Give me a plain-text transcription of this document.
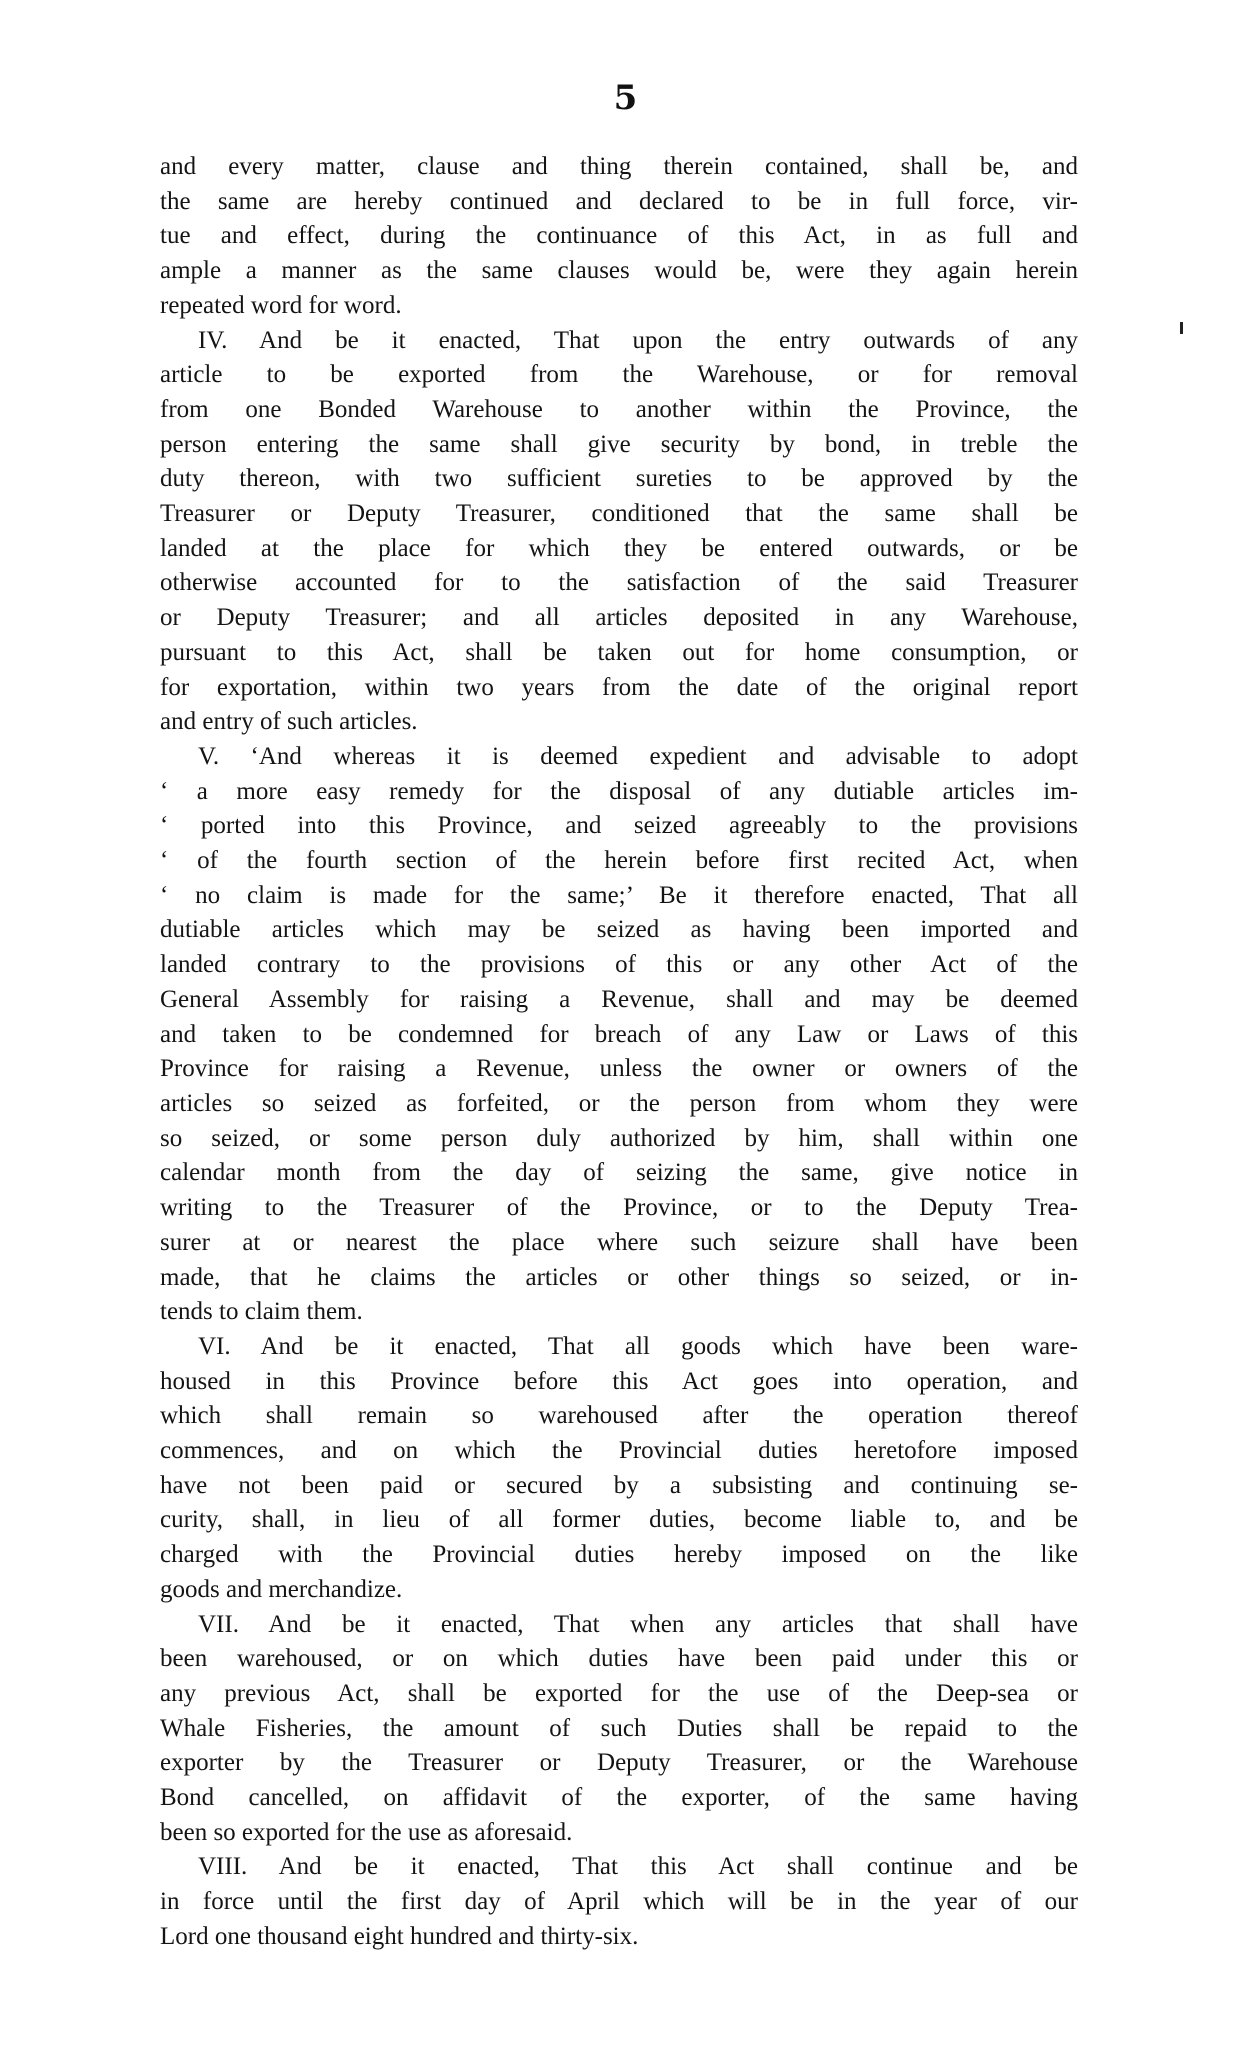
5
and every matter, clause and thing therein contained, shall be, and
the same are hereby continued and declared to be in full force, vir-
tue and effect, during the continuance of this Act, in as full and
ample a manner as the same clauses would be, were they again herein
repeated word for word.
IV. And be it enacted, That upon the entry outwards of any
article to be exported from the Warehouse, or for removal
from one Bonded Warehouse to another within the Province, the
person entering the same shall give security by bond, in treble the
duty thereon, with two sufficient sureties to be approved by the
Treasurer or Deputy Treasurer, conditioned that the same shall be
landed at the place for which they be entered outwards, or be
otherwise accounted for to the satisfaction of the said Treasurer
or Deputy Treasurer; and all articles deposited in any Warehouse,
pursuant to this Act, shall be taken out for home consumption, or
for exportation, within two years from the date of the original report
and entry of such articles.
V. ‘And whereas it is deemed expedient and advisable to adopt
‘ a more easy remedy for the disposal of any dutiable articles im-
‘ ported into this Province, and seized agreeably to the provisions
‘ of the fourth section of the herein before first recited Act, when
‘ no claim is made for the same;’ Be it therefore enacted, That all
dutiable articles which may be seized as having been imported and
landed contrary to the provisions of this or any other Act of the
General Assembly for raising a Revenue, shall and may be deemed
and taken to be condemned for breach of any Law or Laws of this
Province for raising a Revenue, unless the owner or owners of the
articles so seized as forfeited, or the person from whom they were
so seized, or some person duly authorized by him, shall within one
calendar month from the day of seizing the same, give notice in
writing to the Treasurer of the Province, or to the Deputy Trea-
surer at or nearest the place where such seizure shall have been
made, that he claims the articles or other things so seized, or in-
tends to claim them.
VI. And be it enacted, That all goods which have been ware-
housed in this Province before this Act goes into operation, and
which shall remain so warehoused after the operation thereof
commences, and on which the Provincial duties heretofore imposed
have not been paid or secured by a subsisting and continuing se-
curity, shall, in lieu of all former duties, become liable to, and be
charged with the Provincial duties hereby imposed on the like
goods and merchandize.
VII. And be it enacted, That when any articles that shall have
been warehoused, or on which duties have been paid under this or
any previous Act, shall be exported for the use of the Deep-sea or
Whale Fisheries, the amount of such Duties shall be repaid to the
exporter by the Treasurer or Deputy Treasurer, or the Warehouse
Bond cancelled, on affidavit of the exporter, of the same having
been so exported for the use as aforesaid.
VIII. And be it enacted, That this Act shall continue and be
in force until the first day of April which will be in the year of our
Lord one thousand eight hundred and thirty-six.
